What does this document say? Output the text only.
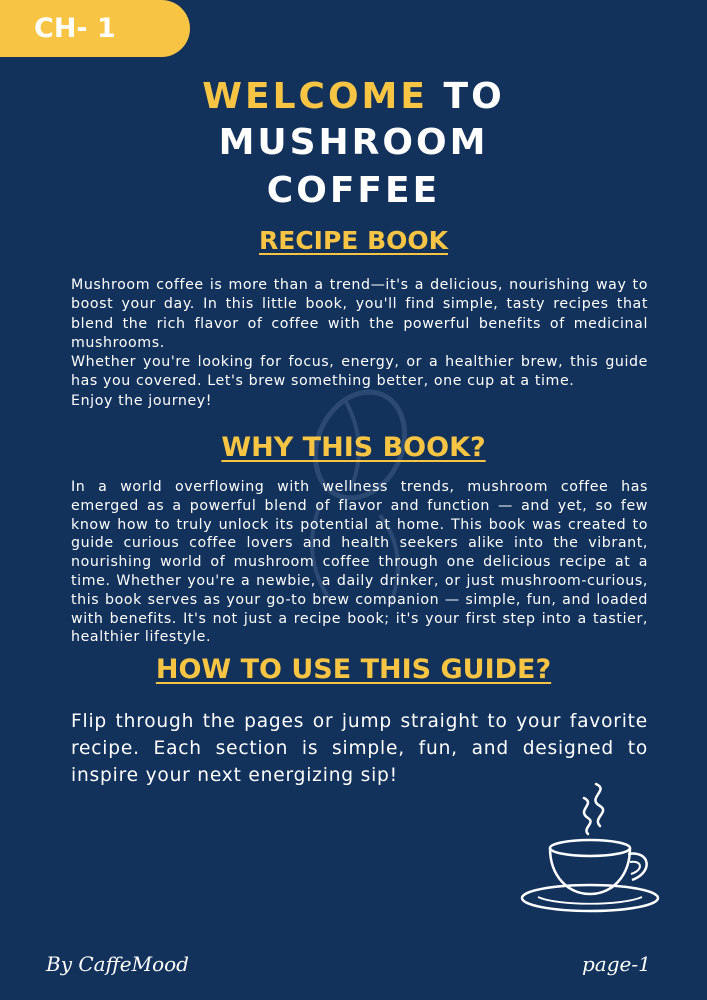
CH- 1
WELCOME TO
MUSHROOM
COFFEE
RECIPE BOOK

Mushroom coffee is more than a trend—it's a delicious, nourishing way to boost your day. In this little book, you'll find simple, tasty recipes that blend the rich flavor of coffee with the powerful benefits of medicinal mushrooms.

Whether you're looking for focus, energy, or a healthier brew, this guide has you covered. Let's brew something better, one cup at a time.

Enjoy the journey!

WHY THIS BOOK?

In a world overflowing with wellness trends, mushroom coffee has emerged as a powerful blend of flavor and function — and yet, so few know how to truly unlock its potential at home. This book was created to guide curious coffee lovers and health seekers alike into the vibrant, nourishing world of mushroom coffee through one delicious recipe at a time. Whether you're a newbie, a daily drinker, or just mushroom-curious, this book serves as your go-to brew companion — simple, fun, and loaded with benefits. It's not just a recipe book; it's your first step into a tastier, healthier lifestyle.

HOW TO USE THIS GUIDE?

Flip through the pages or jump straight to your favorite recipe. Each section is simple, fun, and designed to inspire your next energizing sip!

By CaffeMood	page-1
